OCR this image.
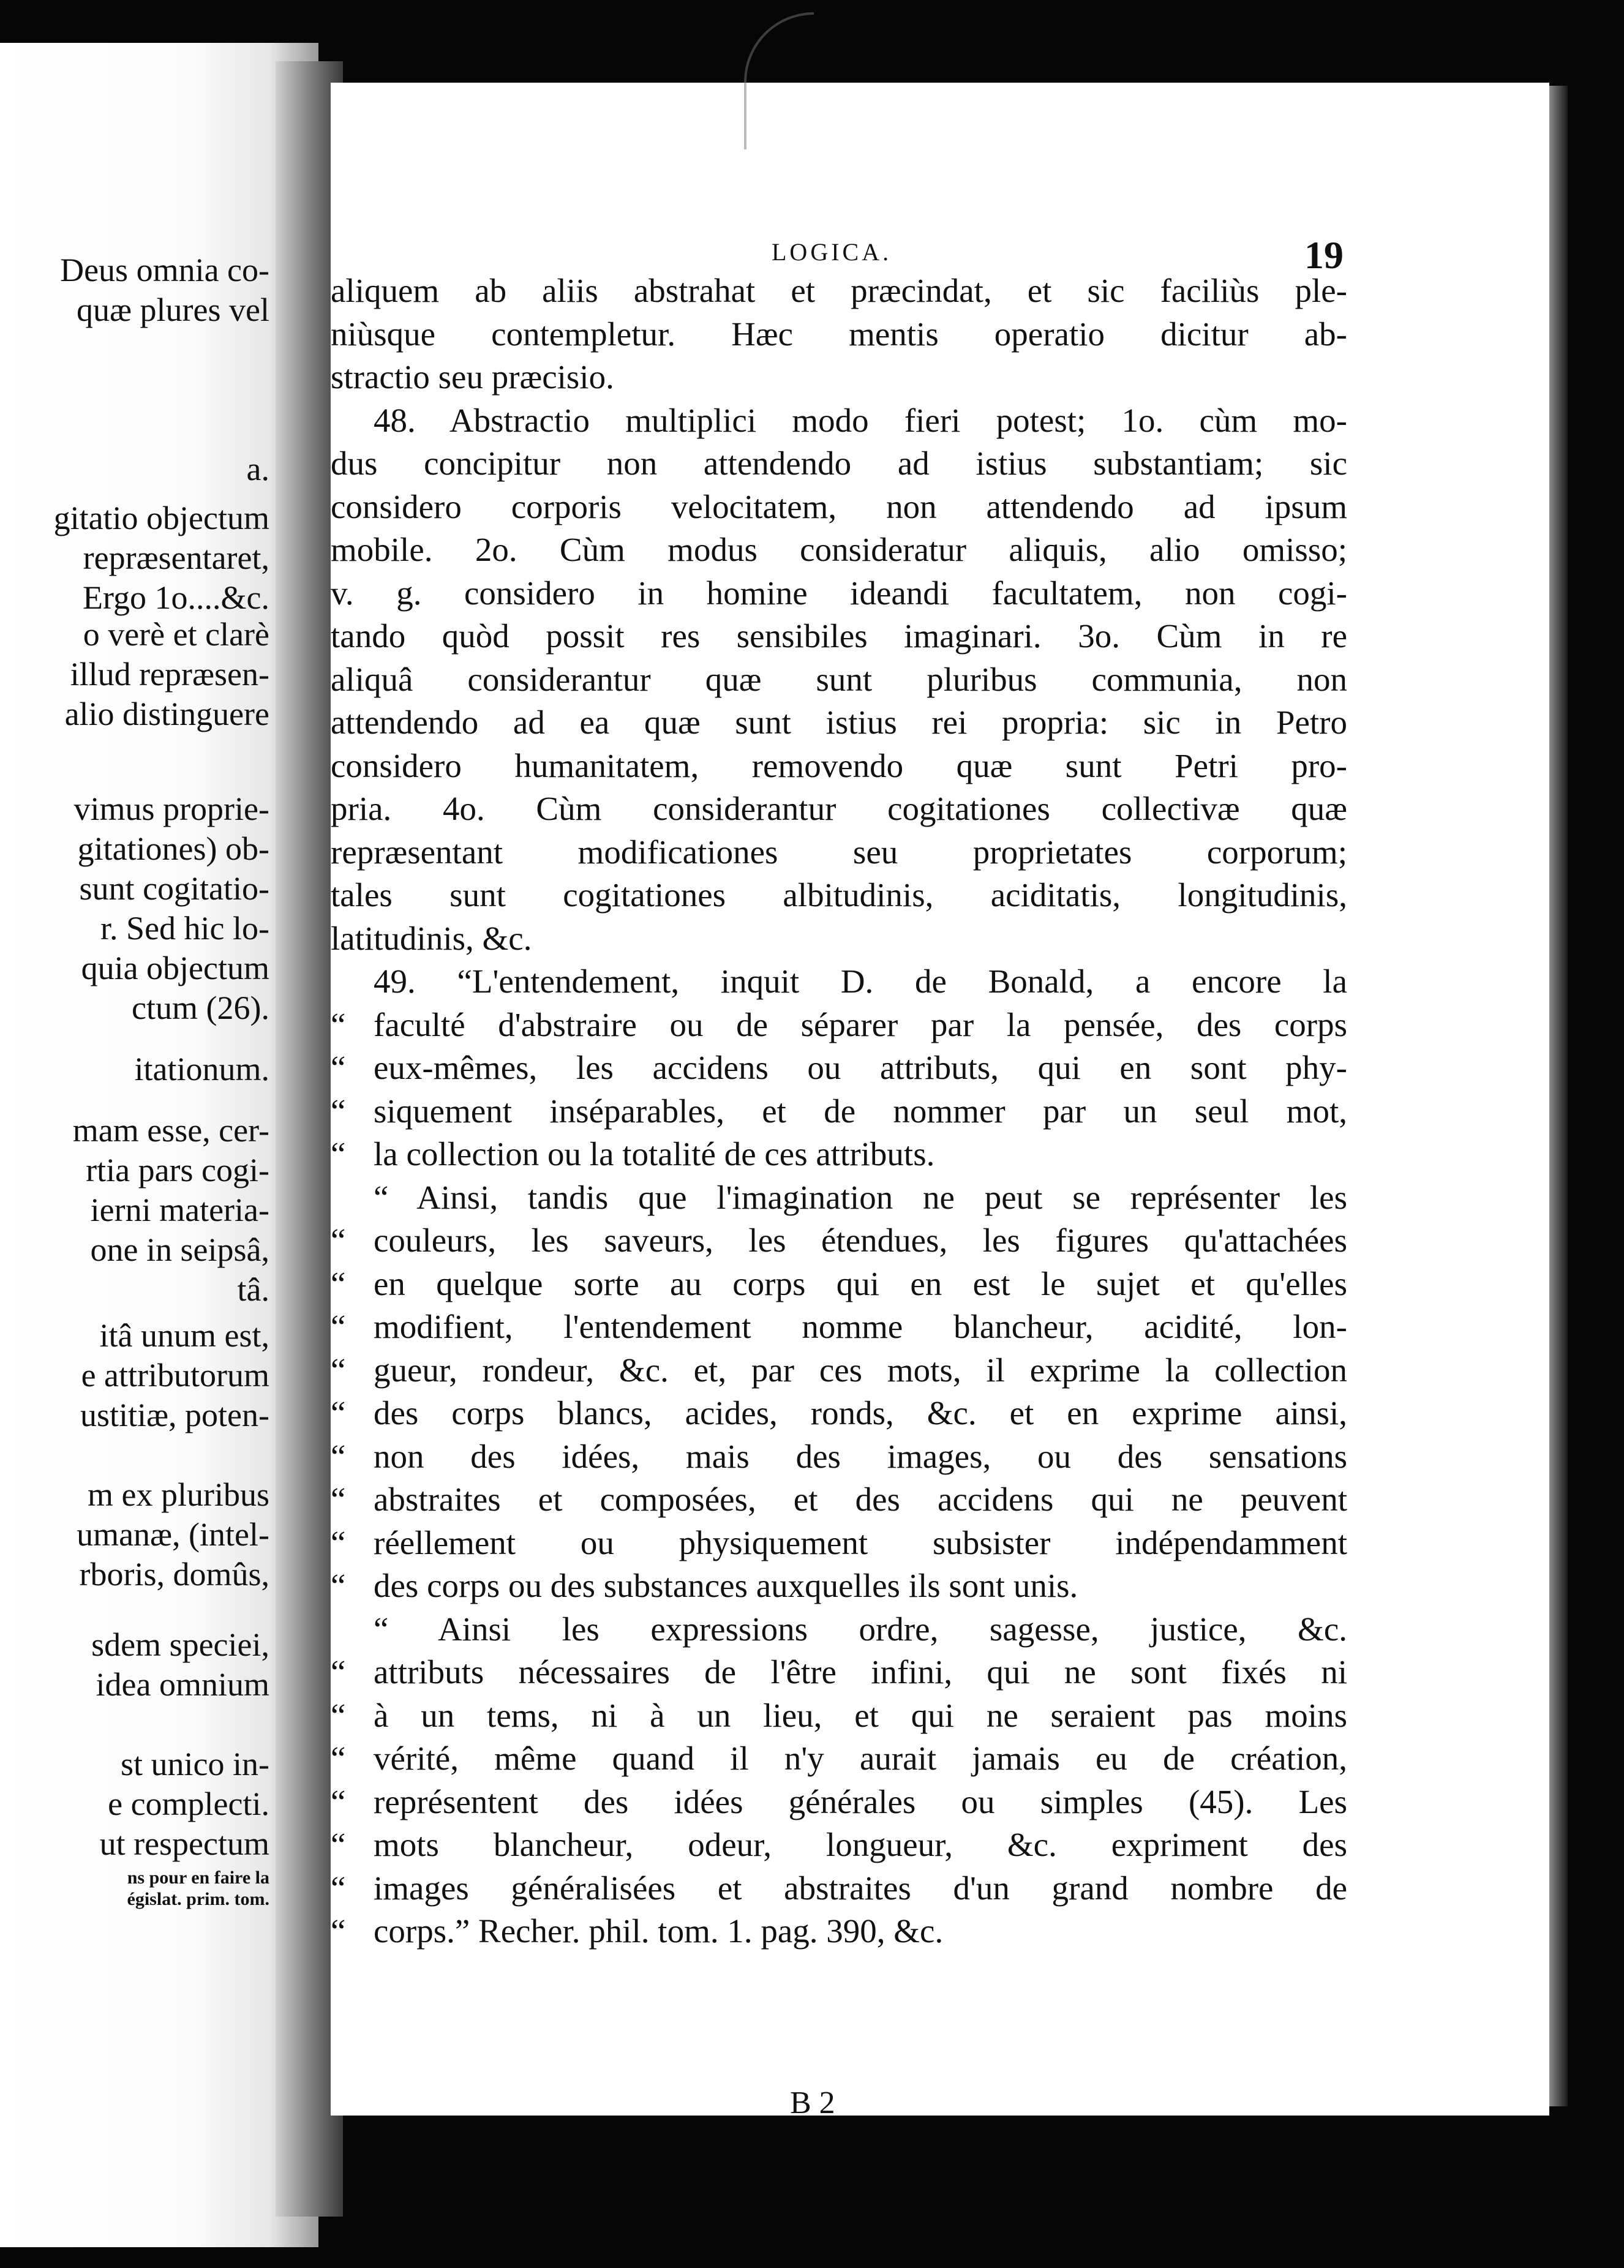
Deus omnia co-
quæ plures vel
a.
gitatio objectum
repræsentaret,
Ergo 1o....&c.
o verè et clarè
illud repræsen-
alio distinguere
vimus proprie-
gitationes) ob-
sunt cogitatio-
r. Sed hic lo-
quia objectum
ctum (26).
itationum.
mam esse, cer-
rtia pars cogi-
ierni materia-
one in seipsâ,
tâ.
itâ unum est,
e attributorum
ustitiæ, poten-
m ex pluribus
umanæ, (intel-
rboris, domûs,
sdem speciei,
idea omnium
st unico in-
e complecti.
ut respectum
ns pour en faire la
égislat. prim. tom.
LOGICA.	19
aliquem ab aliis abstrahat et præcindat, et sic faciliùs ple-
niùsque contempletur. Hæc mentis operatio dicitur ab-
stractio seu præcisio.
48. Abstractio multiplici modo fieri potest; 1o. cùm mo-
dus concipitur non attendendo ad istius substantiam; sic
considero corporis velocitatem, non attendendo ad ipsum
mobile. 2o. Cùm modus consideratur aliquis, alio omisso;
v. g. considero in homine ideandi facultatem, non cogi-
tando quòd possit res sensibiles imaginari. 3o. Cùm in re
aliquâ considerantur quæ sunt pluribus communia, non
attendendo ad ea quæ sunt istius rei propria: sic in Petro
considero humanitatem, removendo quæ sunt Petri pro-
pria. 4o. Cùm considerantur cogitationes collectivæ quæ
repræsentant modificationes seu proprietates corporum;
tales sunt cogitationes albitudinis, aciditatis, longitudinis,
latitudinis, &c.
49. “L'entendement, inquit D. de Bonald, a encore la
“ faculté d'abstraire ou de séparer par la pensée, des corps
“ eux-mêmes, les accidens ou attributs, qui en sont phy-
“ siquement inséparables, et de nommer par un seul mot,
“ la collection ou la totalité de ces attributs.
“ Ainsi, tandis que l'imagination ne peut se représenter les
“ couleurs, les saveurs, les étendues, les figures qu'attachées
“ en quelque sorte au corps qui en est le sujet et qu'elles
“ modifient, l'entendement nomme blancheur, acidité, lon-
“ gueur, rondeur, &c. et, par ces mots, il exprime la collection
“ des corps blancs, acides, ronds, &c. et en exprime ainsi,
“ non des idées, mais des images, ou des sensations
“ abstraites et composées, et des accidens qui ne peuvent
“ réellement ou physiquement subsister indépendamment
“ des corps ou des substances auxquelles ils sont unis.
“ Ainsi les expressions ordre, sagesse, justice, &c.
“ attributs nécessaires de l'être infini, qui ne sont fixés ni
“ à un tems, ni à un lieu, et qui ne seraient pas moins
“ vérité, même quand il n'y aurait jamais eu de création,
“ représentent des idées générales ou simples (45). Les
“ mots blancheur, odeur, longueur, &c. expriment des
“ images généralisées et abstraites d'un grand nombre de
“ corps.” Recher. phil. tom. 1. pag. 390, &c.
B 2
